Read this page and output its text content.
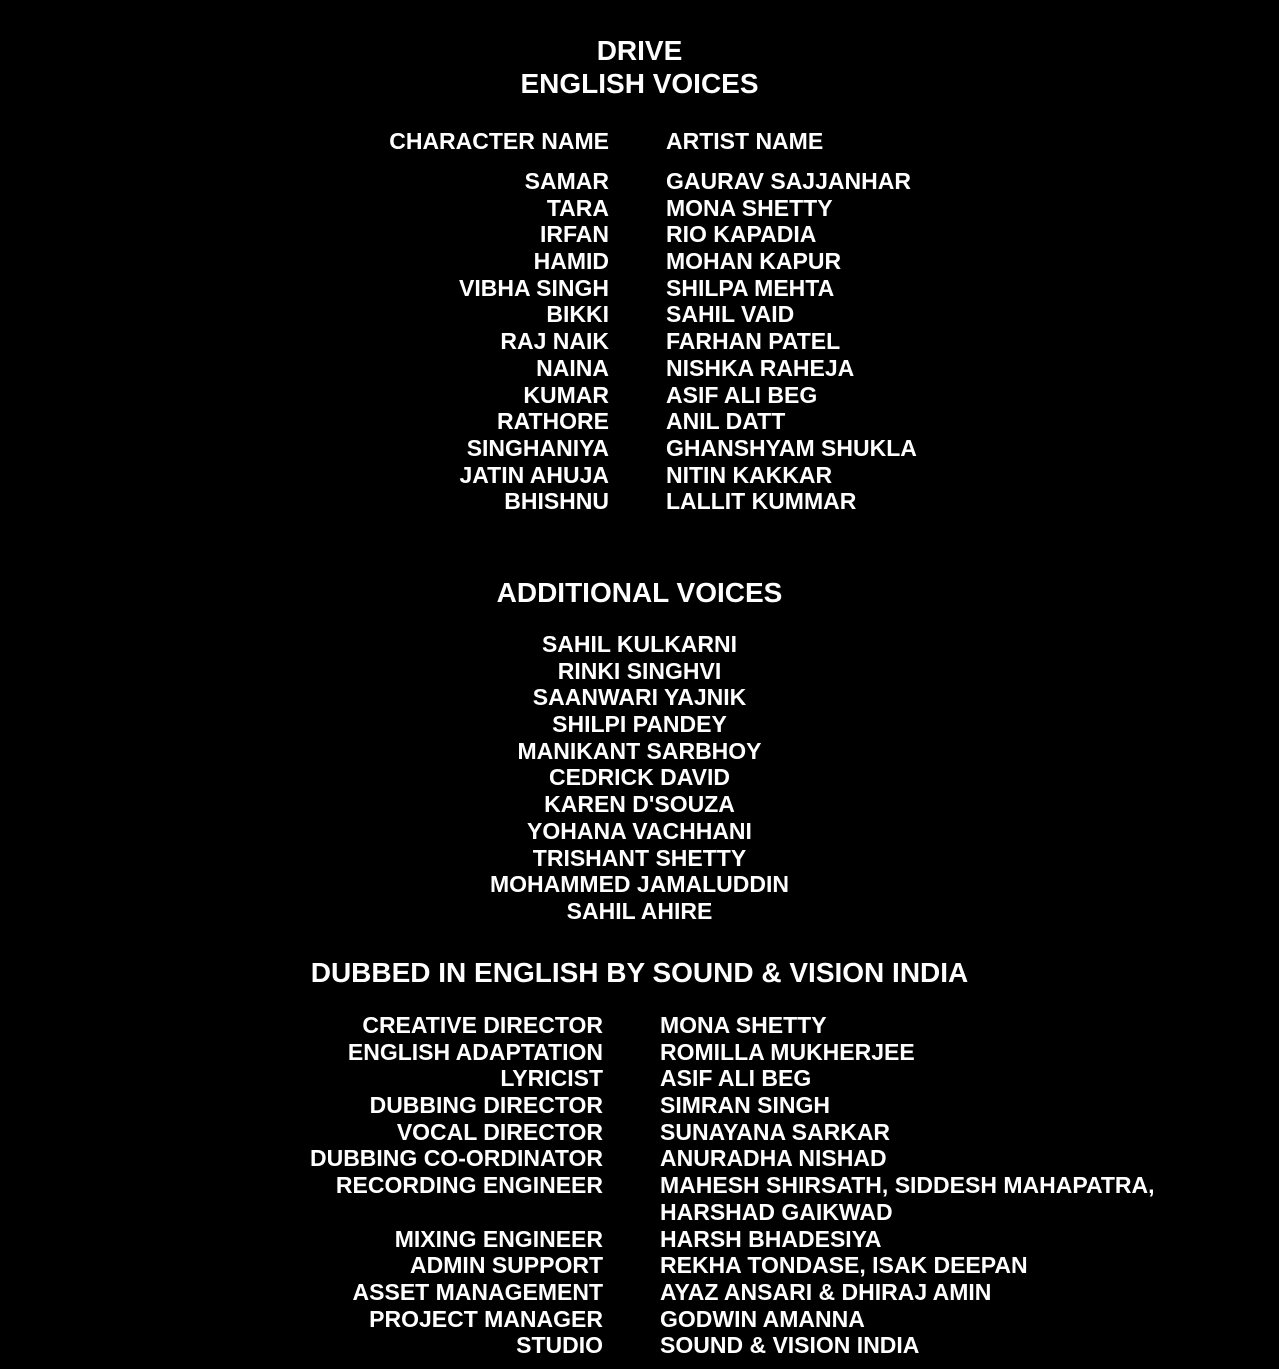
DRIVE
ENGLISH VOICES
CHARACTER NAME ARTIST NAME
SAMAR GAURAV SAJJANHAR
TARA MONA SHETTY
IRFAN RIO KAPADIA
HAMID MOHAN KAPUR
VIBHA SINGH SHILPA MEHTA
BIKKI SAHIL VAID
RAJ NAIK FARHAN PATEL
NAINA NISHKA RAHEJA
KUMAR ASIF ALI BEG
RATHORE ANIL DATT
SINGHANIYA GHANSHYAM SHUKLA
JATIN AHUJA NITIN KAKKAR
BHISHNU LALLIT KUMMAR
ADDITIONAL VOICES
SAHIL KULKARNI
RINKI SINGHVI
SAANWARI YAJNIK
SHILPI PANDEY
MANIKANT SARBHOY
CEDRICK DAVID
KAREN D'SOUZA
YOHANA VACHHANI
TRISHANT SHETTY
MOHAMMED JAMALUDDIN
SAHIL AHIRE
DUBBED IN ENGLISH BY SOUND & VISION INDIA
CREATIVE DIRECTOR MONA SHETTY
ENGLISH ADAPTATION ROMILLA MUKHERJEE
LYRICIST ASIF ALI BEG
DUBBING DIRECTOR SIMRAN SINGH
VOCAL DIRECTOR SUNAYANA SARKAR
DUBBING CO-ORDINATOR ANURADHA NISHAD
RECORDING ENGINEER MAHESH SHIRSATH, SIDDESH MAHAPATRA,
HARSHAD GAIKWAD
MIXING ENGINEER HARSH BHADESIYA
ADMIN SUPPORT REKHA TONDASE, ISAK DEEPAN
ASSET MANAGEMENT AYAZ ANSARI & DHIRAJ AMIN
PROJECT MANAGER GODWIN AMANNA
STUDIO SOUND & VISION INDIA
